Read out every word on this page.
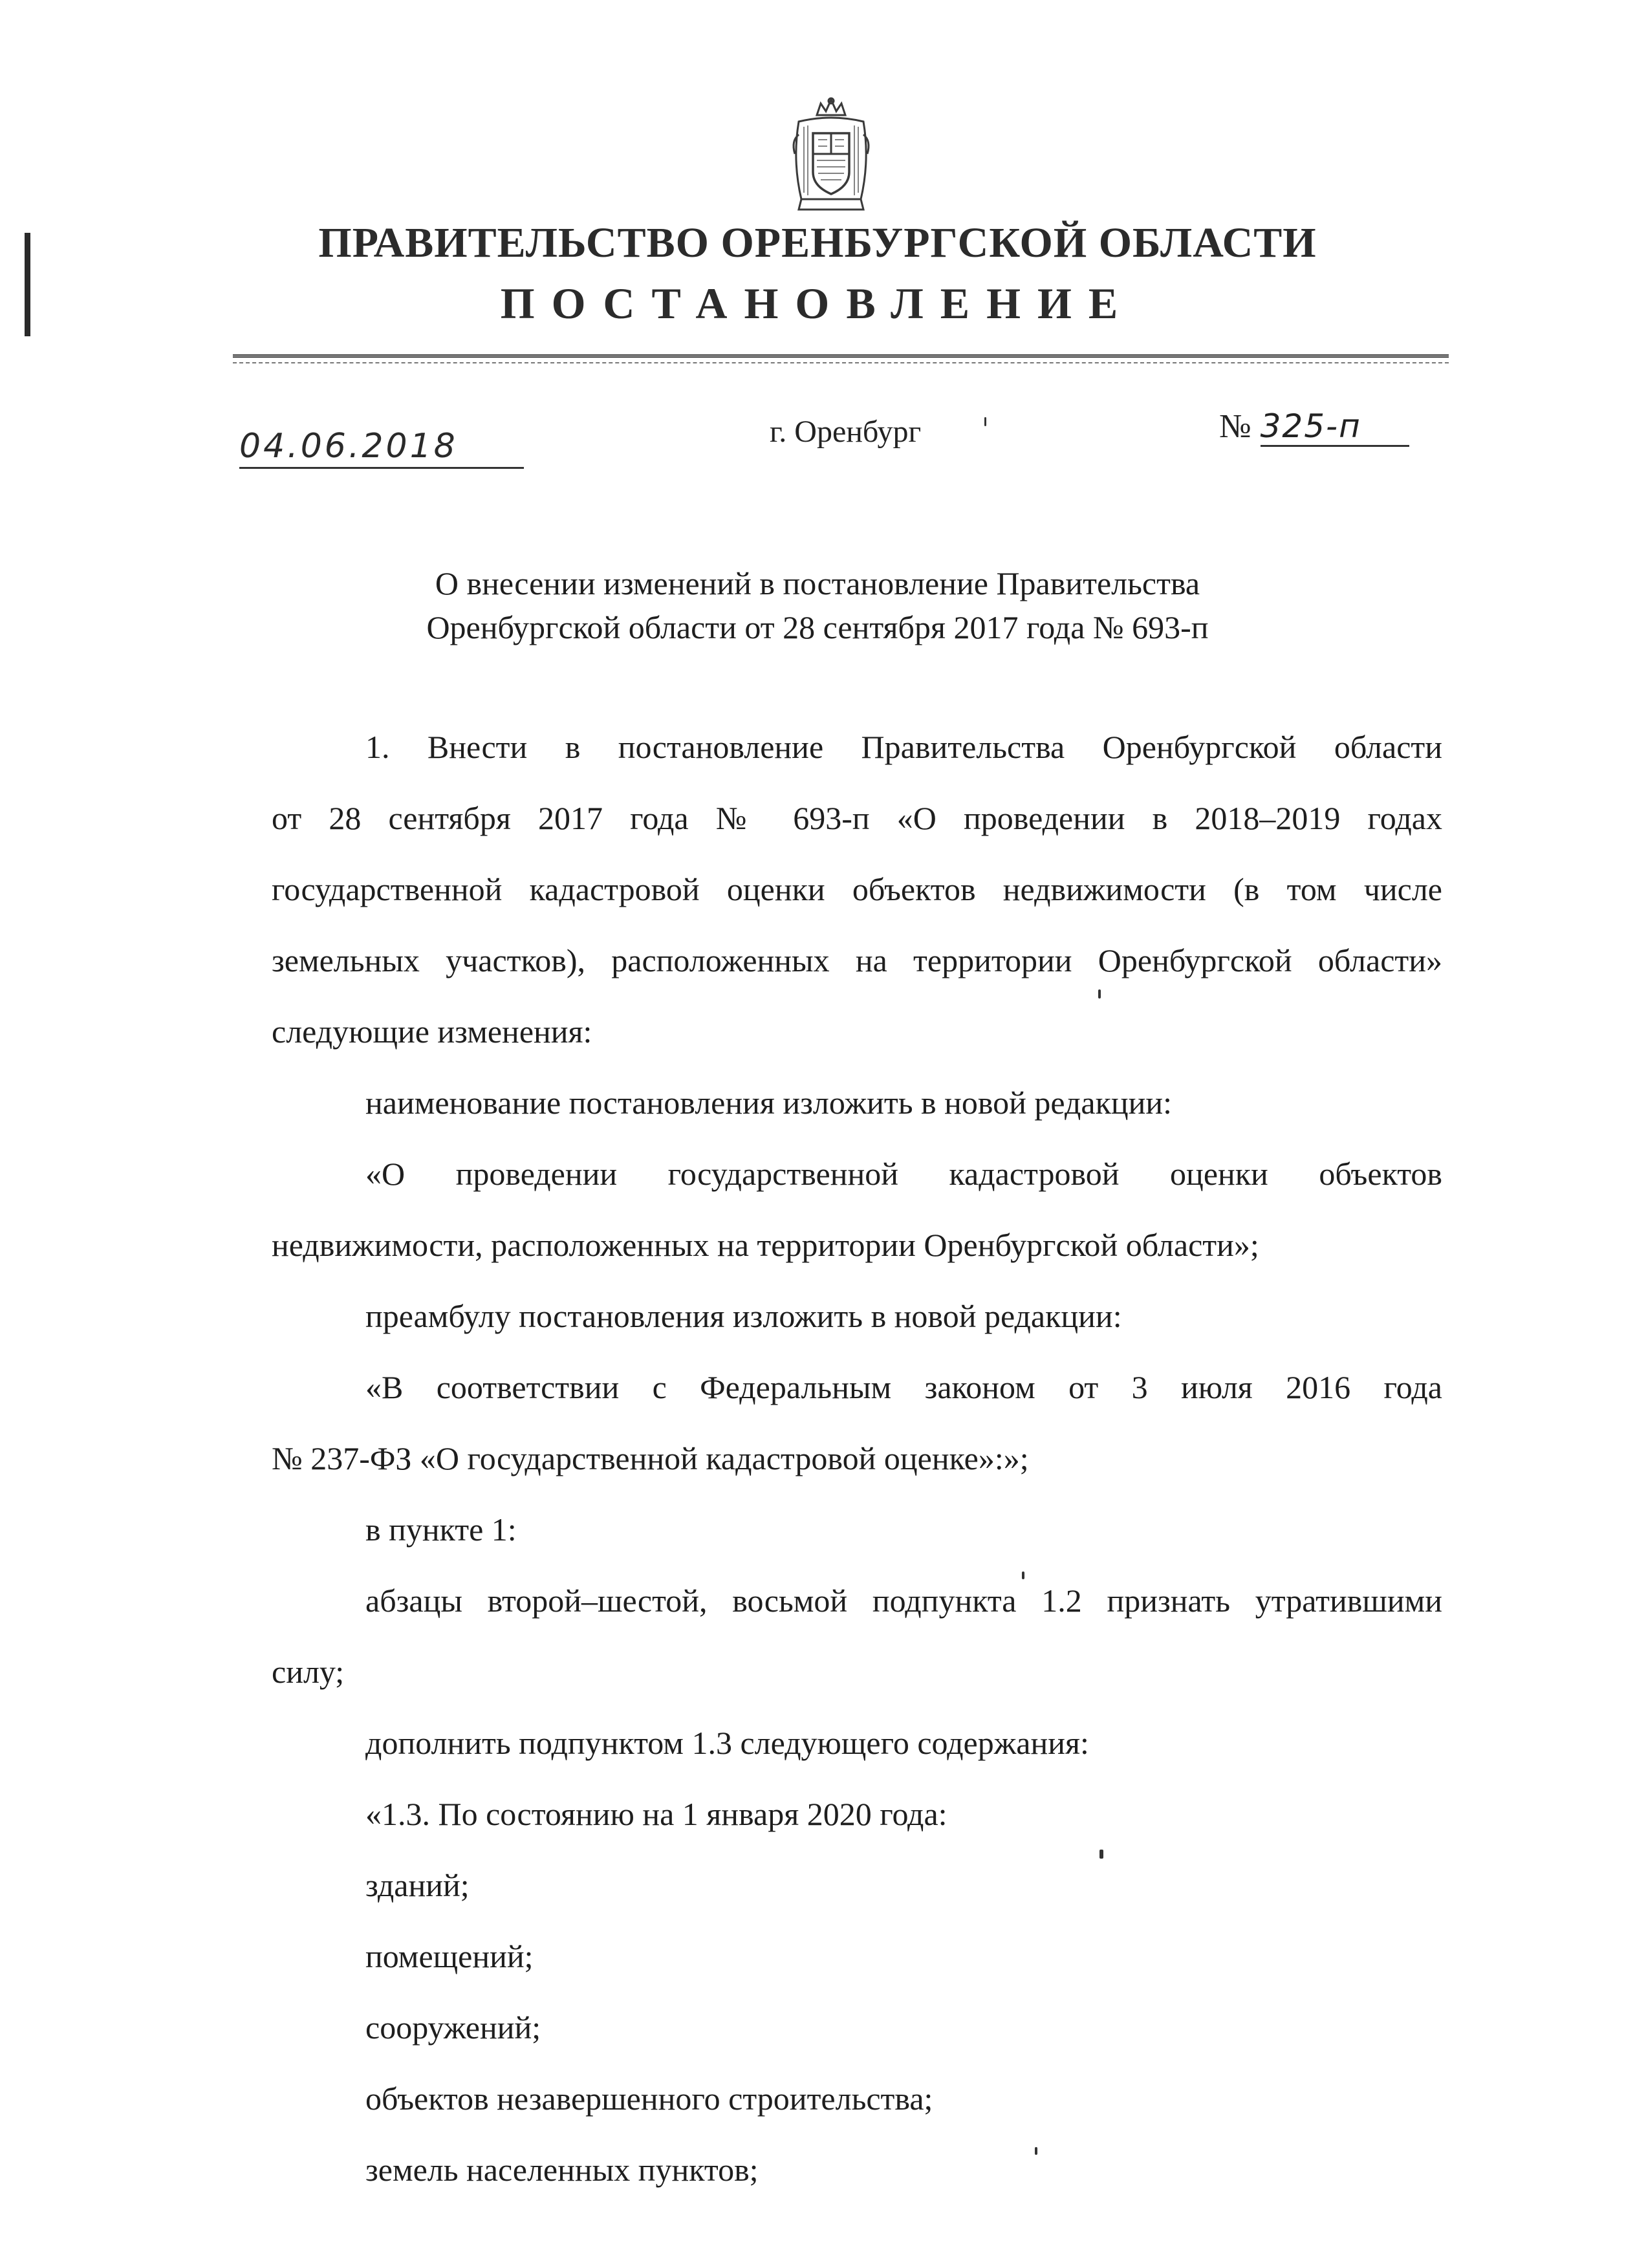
ПРАВИТЕЛЬСТВО ОРЕНБУРГСКОЙ ОБЛАСТИ
ПОСТАНОВЛЕНИЕ
04.06.2018	г. Оренбург	№ 325-п
О внесении изменений в постановление Правительства
Оренбургской области от 28 сентября 2017 года № 693-п
1. Внести в постановление Правительства Оренбургской области
от 28 сентября 2017 года № 693-п «О проведении в 2018–2019 годах
государственной кадастровой оценки объектов недвижимости (в том числе
земельных участков), расположенных на территории Оренбургской области»
следующие изменения:
наименование постановления изложить в новой редакции:
«О проведении государственной кадастровой оценки объектов
недвижимости, расположенных на территории Оренбургской области»;
преамбулу постановления изложить в новой редакции:
«В соответствии с Федеральным законом от 3 июля 2016 года
№ 237-ФЗ «О государственной кадастровой оценке»:»;
в пункте 1:
абзацы второй–шестой, восьмой подпункта 1.2 признать утратившими
силу;
дополнить подпунктом 1.3 следующего содержания:
«1.3. По состоянию на 1 января 2020 года:
зданий;
помещений;
сооружений;
объектов незавершенного строительства;
земель населенных пунктов;
